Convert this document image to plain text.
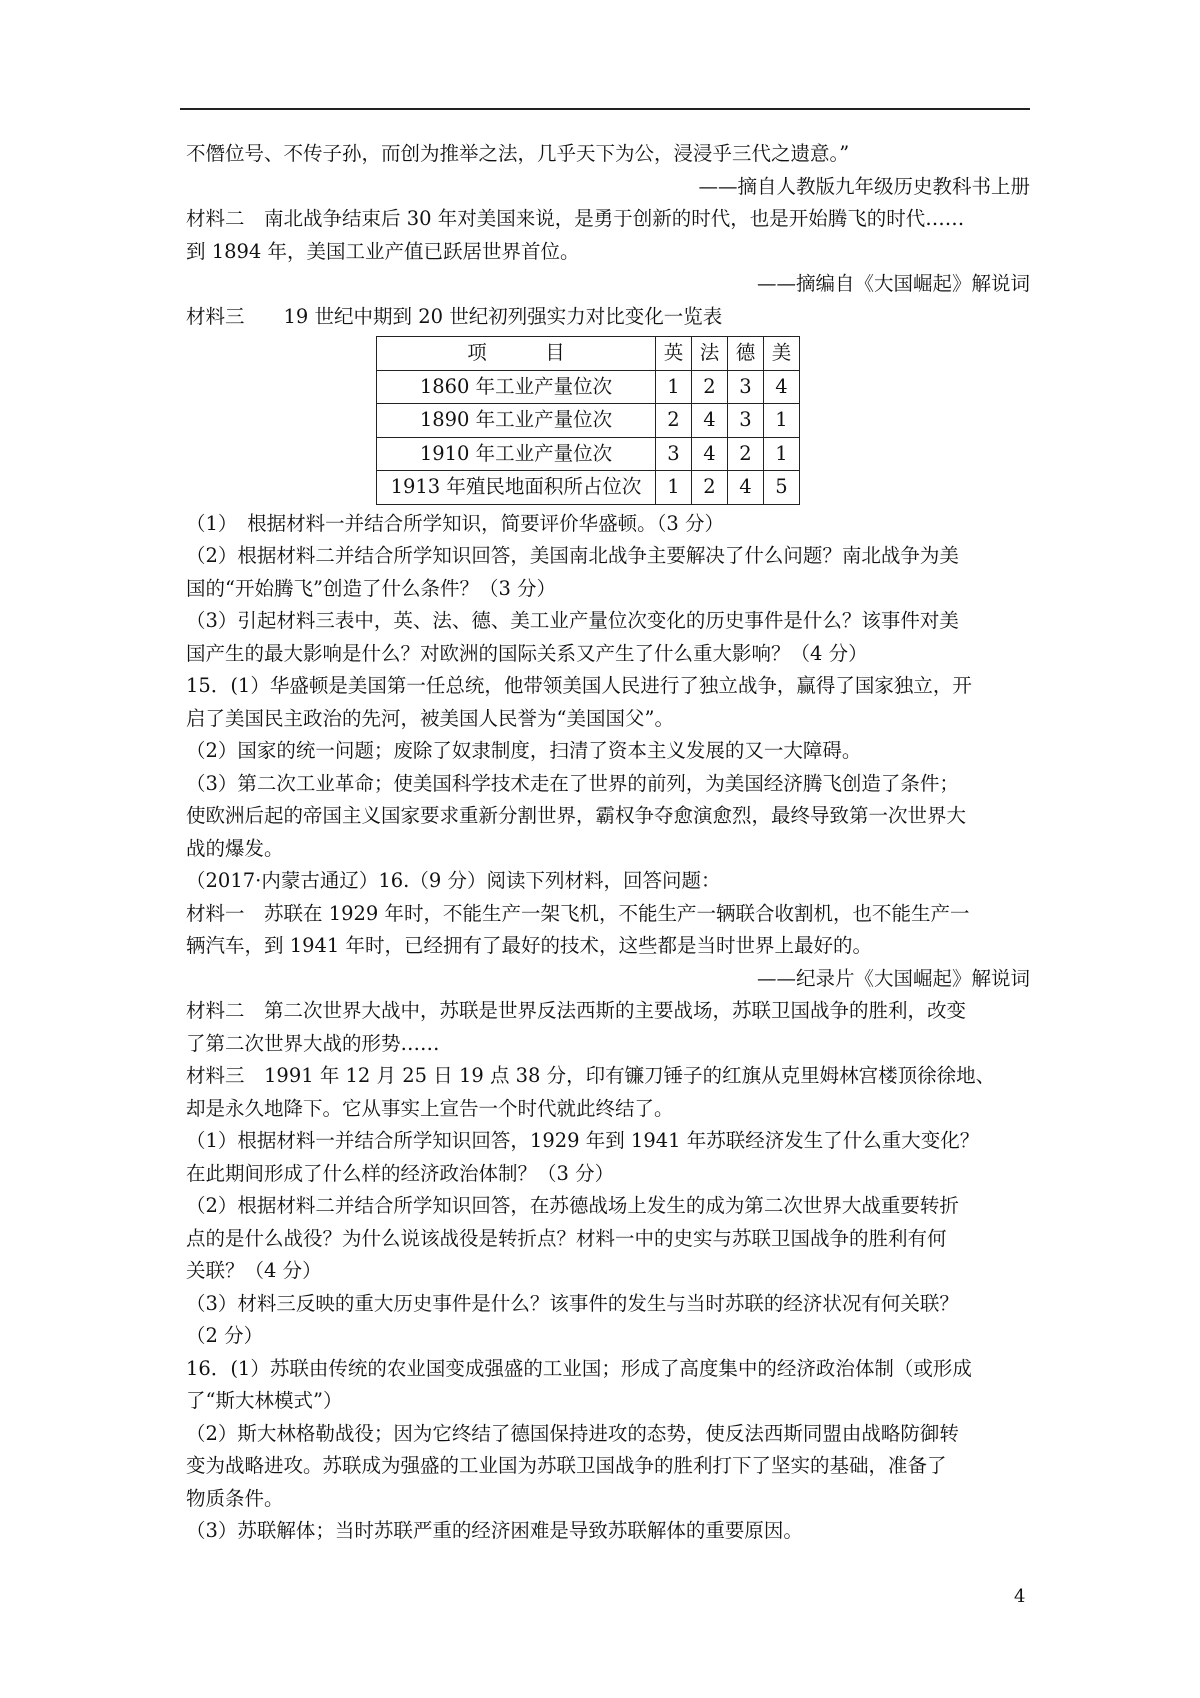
不僭位号、不传子孙，而创为推举之法，几乎天下为公，浸浸乎三代之遗意。”
——摘自人教版九年级历史教科书上册
材料二　南北战争结束后 30 年对美国来说，是勇于创新的时代，也是开始腾飞的时代……
到 1894 年，美国工业产值已跃居世界首位。
——摘编自《大国崛起》解说词
材料三　　19 世纪中期到 20 世纪初列强实力对比变化一览表
项　　　目	英	法	德	美
1860 年工业产量位次	1	2	3	4
1890 年工业产量位次	2	4	3	1
1910 年工业产量位次	3	4	2	1
1913 年殖民地面积所占位次	1	2	4	5
（1）　根据材料一并结合所学知识，简要评价华盛顿。（3 分）
（2）根据材料二并结合所学知识回答，美国南北战争主要解决了什么问题？南北战争为美
国的“开始腾飞”创造了什么条件？（3 分）
（3）引起材料三表中，英、法、德、美工业产量位次变化的历史事件是什么？该事件对美
国产生的最大影响是什么？对欧洲的国际关系又产生了什么重大影响？（4 分）
15．(1）华盛顿是美国第一任总统，他带领美国人民进行了独立战争，赢得了国家独立，开
启了美国民主政治的先河，被美国人民誉为“美国国父”。
（2）国家的统一问题；废除了奴隶制度，扫清了资本主义发展的又一大障碍。
（3）第二次工业革命；使美国科学技术走在了世界的前列，为美国经济腾飞创造了条件；
使欧洲后起的帝国主义国家要求重新分割世界，霸权争夺愈演愈烈，最终导致第一次世界大
战的爆发。
（2017·内蒙古通辽）16.（9 分）阅读下列材料，回答问题：
材料一　苏联在 1929 年时，不能生产一架飞机，不能生产一辆联合收割机，也不能生产一
辆汽车，到 1941 年时，已经拥有了最好的技术，这些都是当时世界上最好的。
——纪录片《大国崛起》解说词
材料二　第二次世界大战中，苏联是世界反法西斯的主要战场，苏联卫国战争的胜利，改变
了第二次世界大战的形势……
材料三　1991 年 12 月 25 日 19 点 38 分，印有镰刀锤子的红旗从克里姆林宫楼顶徐徐地、
却是永久地降下。它从事实上宣告一个时代就此终结了。
（1）根据材料一并结合所学知识回答，1929 年到 1941 年苏联经济发生了什么重大变化？
在此期间形成了什么样的经济政治体制？（3 分）
（2）根据材料二并结合所学知识回答，在苏德战场上发生的成为第二次世界大战重要转折
点的是什么战役？为什么说该战役是转折点？材料一中的史实与苏联卫国战争的胜利有何
关联？（4 分）
（3）材料三反映的重大历史事件是什么？该事件的发生与当时苏联的经济状况有何关联？
（2 分）
16．(1）苏联由传统的农业国变成强盛的工业国；形成了高度集中的经济政治体制（或形成
了“斯大林模式”）
（2）斯大林格勒战役；因为它终结了德国保持进攻的态势，使反法西斯同盟由战略防御转
变为战略进攻。苏联成为强盛的工业国为苏联卫国战争的胜利打下了坚实的基础，准备了
物质条件。
（3）苏联解体；当时苏联严重的经济困难是导致苏联解体的重要原因。
4
